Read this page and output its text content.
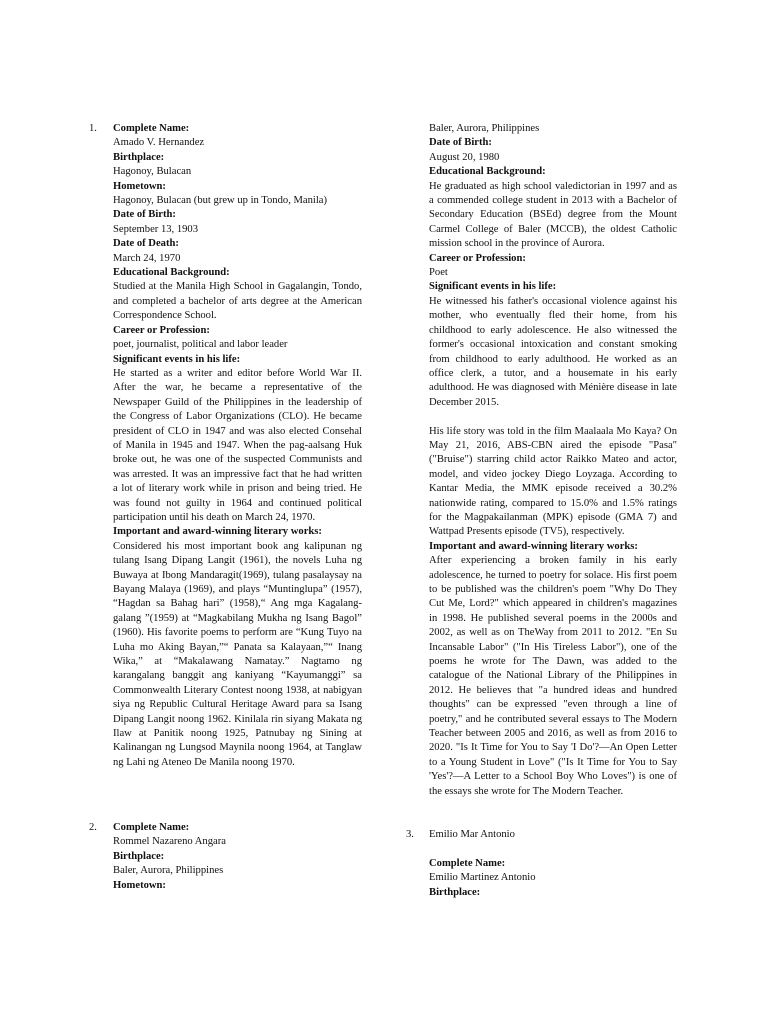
1. Complete Name:

Amado V. Hernandez

Birthplace:

Hagonoy, Bulacan

Hometown:

Hagonoy, Bulacan (but grew up in Tondo, Manila)

Date of Birth:

September 13, 1903

Date of Death:

March 24, 1970

Educational Background:

Studied at the Manila High School in Gagalangin, Tondo, and completed a bachelor of arts degree at the American Correspondence School.

Career or Profession:

poet, journalist, political and labor leader

Significant events in his life:

He started as a writer and editor before World War II. After the war, he became a representative of the Newspaper Guild of the Philippines in the leadership of the Congress of Labor Organizations (CLO). He became president of CLO in 1947 and was also elected Consehal of Manila in 1945 and 1947. When the pag-aalsang Huk broke out, he was one of the suspected Communists and was arrested. It was an impressive fact that he had written a lot of literary work while in prison and being tried. He was found not guilty in 1964 and continued political participation until his death on March 24, 1970.

Important and award-winning literary works:

Considered his most important book ang kalipunan ng tulang Isang Dipang Langit (1961), the novels Luha ng Buwaya at Ibong Mandaragit(1969), tulang pasalaysay na Bayang Malaya (1969), and plays “Muntinglupa” (1957), “Hagdan sa Bahag hari” (1958),“ Ang mga Kagalang-galang ”(1959) at “Magkabilang Mukha ng Isang Bagol” (1960). His favorite poems to perform are “Kung Tuyo na Luha mo Aking Bayan,”“ Panata sa Kalayaan,”“ Inang Wika,” at “Makalawang Namatay.” Nagtamo ng karangalang banggit ang kaniyang “Kayumanggi” sa Commonwealth Literary Contest noong 1938, at nabigyan siya ng Republic Cultural Heritage Award para sa Isang Dipang Langit noong 1962. Kinilala rin siyang Makata ng Ilaw at Panitik noong 1925, Patnubay ng Sining at Kalinangan ng Lungsod Maynila noong 1964, at Tanglaw ng Lahi ng Ateneo De Manila noong 1970.

2. Complete Name:

Rommel Nazareno Angara

Birthplace:

Baler, Aurora, Philippines

Hometown:

Baler, Aurora, Philippines

Date of Birth:

August 20, 1980

Educational Background:

He graduated as high school valedictorian in 1997 and as a commended college student in 2013 with a Bachelor of Secondary Education (BSEd) degree from the Mount Carmel College of Baler (MCCB), the oldest Catholic mission school in the province of Aurora.

Career or Profession:

Poet

Significant events in his life:

He witnessed his father's occasional violence against his mother, who eventually fled their home, from his childhood to early adolescence. He also witnessed the former's occasional intoxication and constant smoking from childhood to early adulthood. He worked as an office clerk, a tutor, and a housemate in his early adulthood. He was diagnosed with Ménière disease in late December 2015.

His life story was told in the film Maalaala Mo Kaya? On May 21, 2016, ABS-CBN aired the episode "Pasa" ("Bruise") starring child actor Raikko Mateo and actor, model, and video jockey Diego Loyzaga. According to Kantar Media, the MMK episode received a 30.2% nationwide rating, compared to 15.0% and 1.5% ratings for the Magpakailanman (MPK) episode (GMA 7) and Wattpad Presents episode (TV5), respectively.

Important and award-winning literary works:

After experiencing a broken family in his early adolescence, he turned to poetry for solace. His first poem to be published was the children's poem "Why Do They Cut Me, Lord?" which appeared in children's magazines in 1998. He published several poems in the 2000s and 2002, as well as on TheWay from 2011 to 2012. "En Su Incansable Labor" ("In His Tireless Labor"), one of the poems he wrote for The Dawn, was added to the catalogue of the National Library of the Philippines in 2012. He believes that "a hundred ideas and hundred thoughts" can be expressed "even through a line of poetry," and he contributed several essays to The Modern Teacher between 2005 and 2016, as well as from 2016 to 2020. "Is It Time for You to Say 'I Do'?—An Open Letter to a Young Student in Love" ("Is It Time for You to Say 'Yes'?—A Letter to a School Boy Who Loves") is one of the essays she wrote for The Modern Teacher.

3. Emilio Mar Antonio

Complete Name:

Emilio Martinez Antonio

Birthplace:
